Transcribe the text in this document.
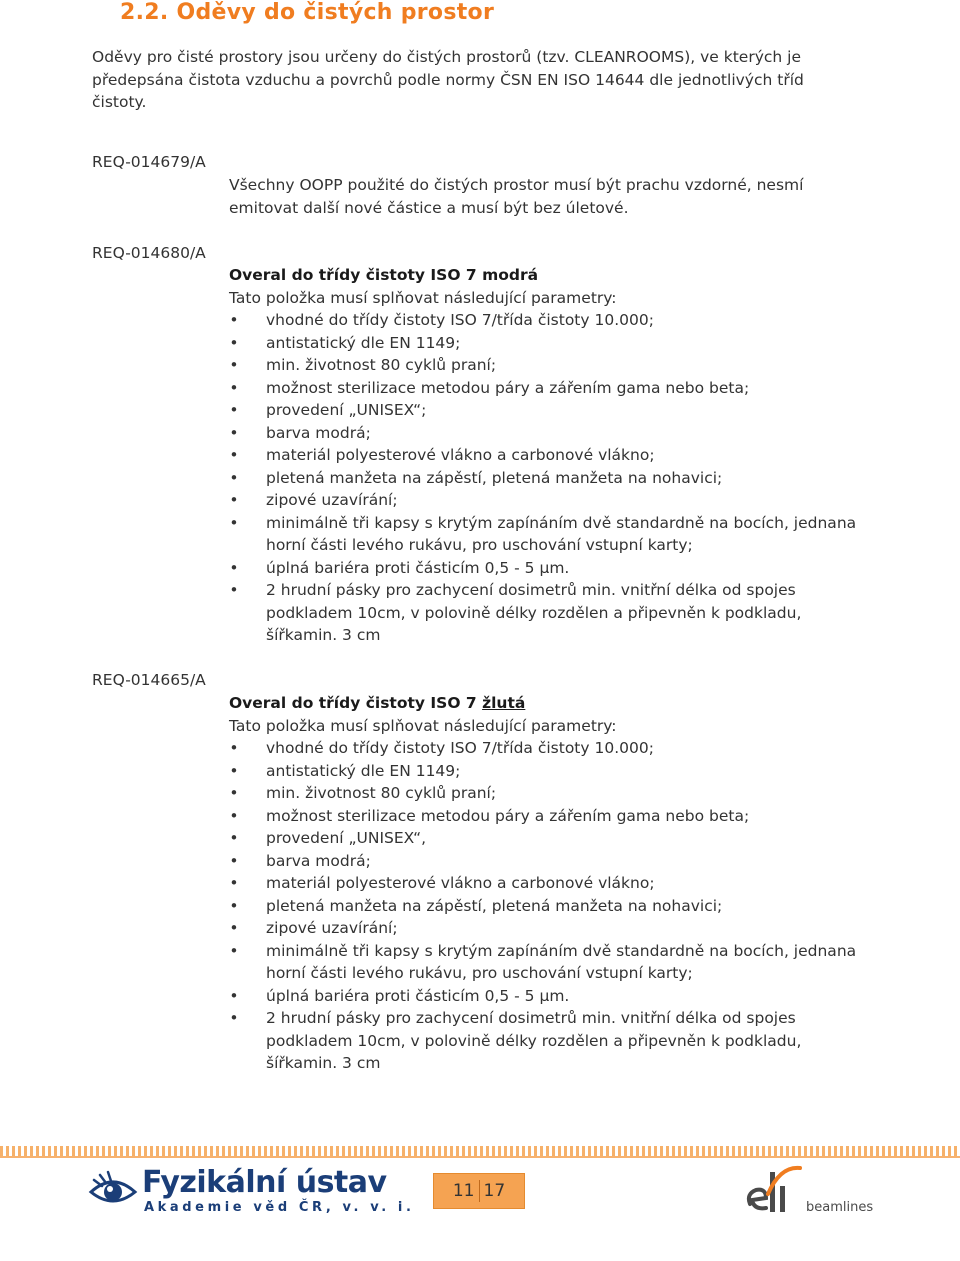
2.2. Oděvy do čistých prostor

Oděvy pro čisté prostory jsou určeny do čistých prostorů (tzv. CLEANROOMS), ve kterých je
předepsána čistota vzduchu a povrchů podle normy ČSN EN ISO 14644 dle jednotlivých tříd
čistoty.

REQ-014679/A

Všechny OOPP použité do čistých prostor musí být prachu vzdorné, nesmí
emitovat další nové částice a musí být bez úletové.

REQ-014680/A

Overal do třídy čistoty ISO 7 modrá

Tato položka musí splňovat následující parametry:

• vhodné do třídy čistoty ISO 7/třída čistoty 10.000;
• antistatický dle EN 1149;
• min. životnost 80 cyklů praní;
• možnost sterilizace metodou páry a zářením gama nebo beta;
• provedení „UNISEX“;
• barva modrá;
• materiál polyesterové vlákno a carbonové vlákno;
• pletená manžeta na zápěstí, pletená manžeta na nohavici;
• zipové uzavírání;
• minimálně tři kapsy s krytým zapínáním dvě standardně na bocích, jednana horní části levého rukávu, pro uschování vstupní karty;
• úplná bariéra proti částicím 0,5 - 5 μm.
• 2 hrudní pásky pro zachycení dosimetrů min. vnitřní délka od spojes podkladem 10cm, v polovině délky rozdělen a připevněn k podkladu, šířkamin. 3 cm

REQ-014665/A

Overal do třídy čistoty ISO 7 žlutá

Tato položka musí splňovat následující parametry:

• vhodné do třídy čistoty ISO 7/třída čistoty 10.000;
• antistatický dle EN 1149;
• min. životnost 80 cyklů praní;
• možnost sterilizace metodou páry a zářením gama nebo beta;
• provedení „UNISEX“,
• barva modrá;
• materiál polyesterové vlákno a carbonové vlákno;
• pletená manžeta na zápěstí, pletená manžeta na nohavici;
• zipové uzavírání;
• minimálně tři kapsy s krytým zapínáním dvě standardně na bocích, jednana horní části levého rukávu, pro uschování vstupní karty;
• úplná bariéra proti částicím 0,5 - 5 μm.
• 2 hrudní pásky pro zachycení dosimetrů min. vnitřní délka od spojes podkladem 10cm, v polovině délky rozdělen a připevněn k podkladu, šířkamin. 3 cm
Fyzikální ústav
Akademie věd ČR, v. v. i.
11 17
beamlines
